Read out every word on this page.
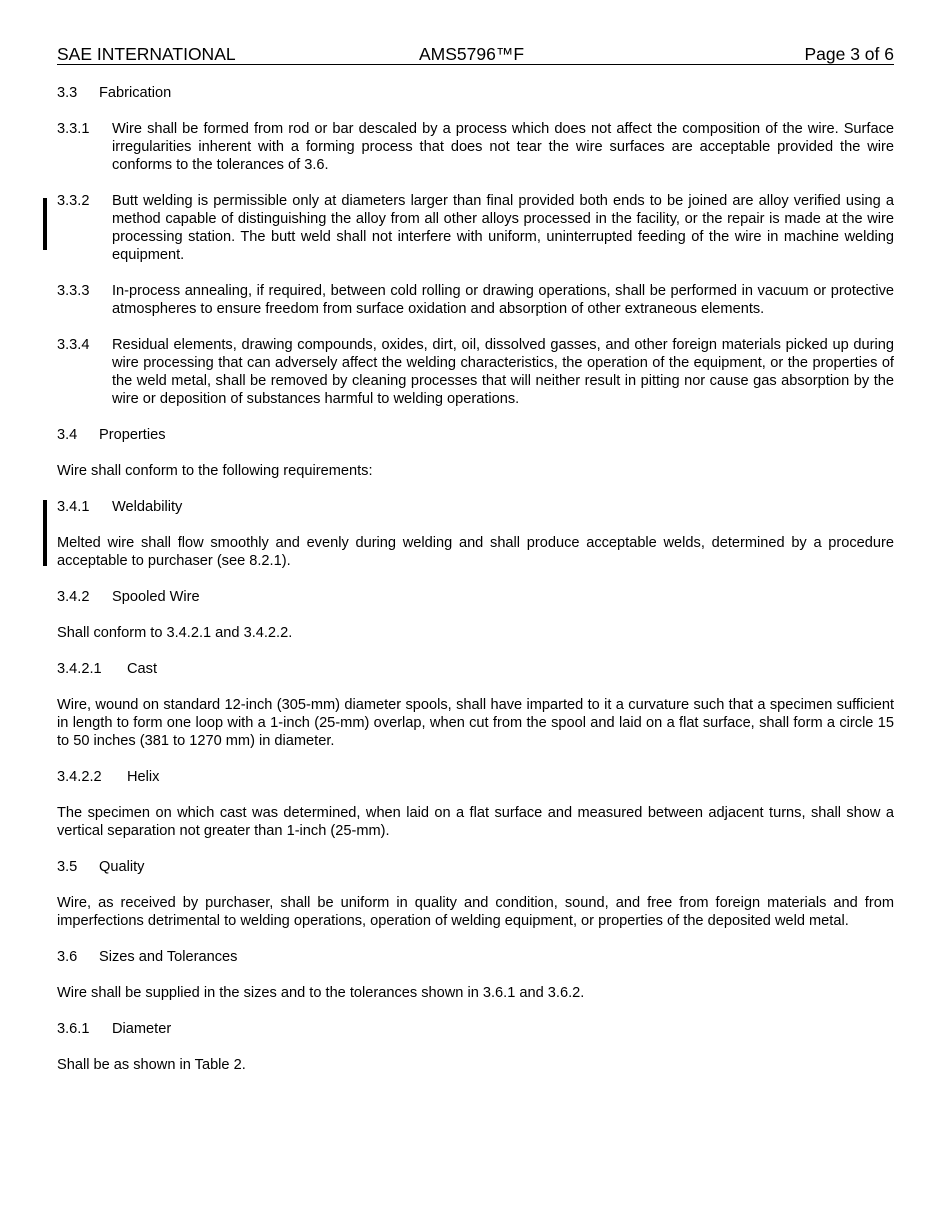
SAE INTERNATIONAL	AMS5796™F	Page 3 of 6
3.3 Fabrication
3.3.1	Wire shall be formed from rod or bar descaled by a process which does not affect the composition of the wire. Surface irregularities inherent with a forming process that does not tear the wire surfaces are acceptable provided the wire conforms to the tolerances of 3.6.
3.3.2	Butt welding is permissible only at diameters larger than final provided both ends to be joined are alloy verified using a method capable of distinguishing the alloy from all other alloys processed in the facility, or the repair is made at the wire processing station. The butt weld shall not interfere with uniform, uninterrupted feeding of the wire in machine welding equipment.
3.3.3	In-process annealing, if required, between cold rolling or drawing operations, shall be performed in vacuum or protective atmospheres to ensure freedom from surface oxidation and absorption of other extraneous elements.
3.3.4	Residual elements, drawing compounds, oxides, dirt, oil, dissolved gasses, and other foreign materials picked up during wire processing that can adversely affect the welding characteristics, the operation of the equipment, or the properties of the weld metal, shall be removed by cleaning processes that will neither result in pitting nor cause gas absorption by the wire or deposition of substances harmful to welding operations.
3.4 Properties
Wire shall conform to the following requirements:
3.4.1 Weldability
Melted wire shall flow smoothly and evenly during welding and shall produce acceptable welds, determined by a procedure acceptable to purchaser (see 8.2.1).
3.4.2 Spooled Wire
Shall conform to 3.4.2.1 and 3.4.2.2.
3.4.2.1 Cast
Wire, wound on standard 12-inch (305-mm) diameter spools, shall have imparted to it a curvature such that a specimen sufficient in length to form one loop with a 1-inch (25-mm) overlap, when cut from the spool and laid on a flat surface, shall form a circle 15 to 50 inches (381 to 1270 mm) in diameter.
3.4.2.2 Helix
The specimen on which cast was determined, when laid on a flat surface and measured between adjacent turns, shall show a vertical separation not greater than 1-inch (25-mm).
3.5 Quality
Wire, as received by purchaser, shall be uniform in quality and condition, sound, and free from foreign materials and from imperfections detrimental to welding operations, operation of welding equipment, or properties of the deposited weld metal.
3.6 Sizes and Tolerances
Wire shall be supplied in the sizes and to the tolerances shown in 3.6.1 and 3.6.2.
3.6.1 Diameter
Shall be as shown in Table 2.
